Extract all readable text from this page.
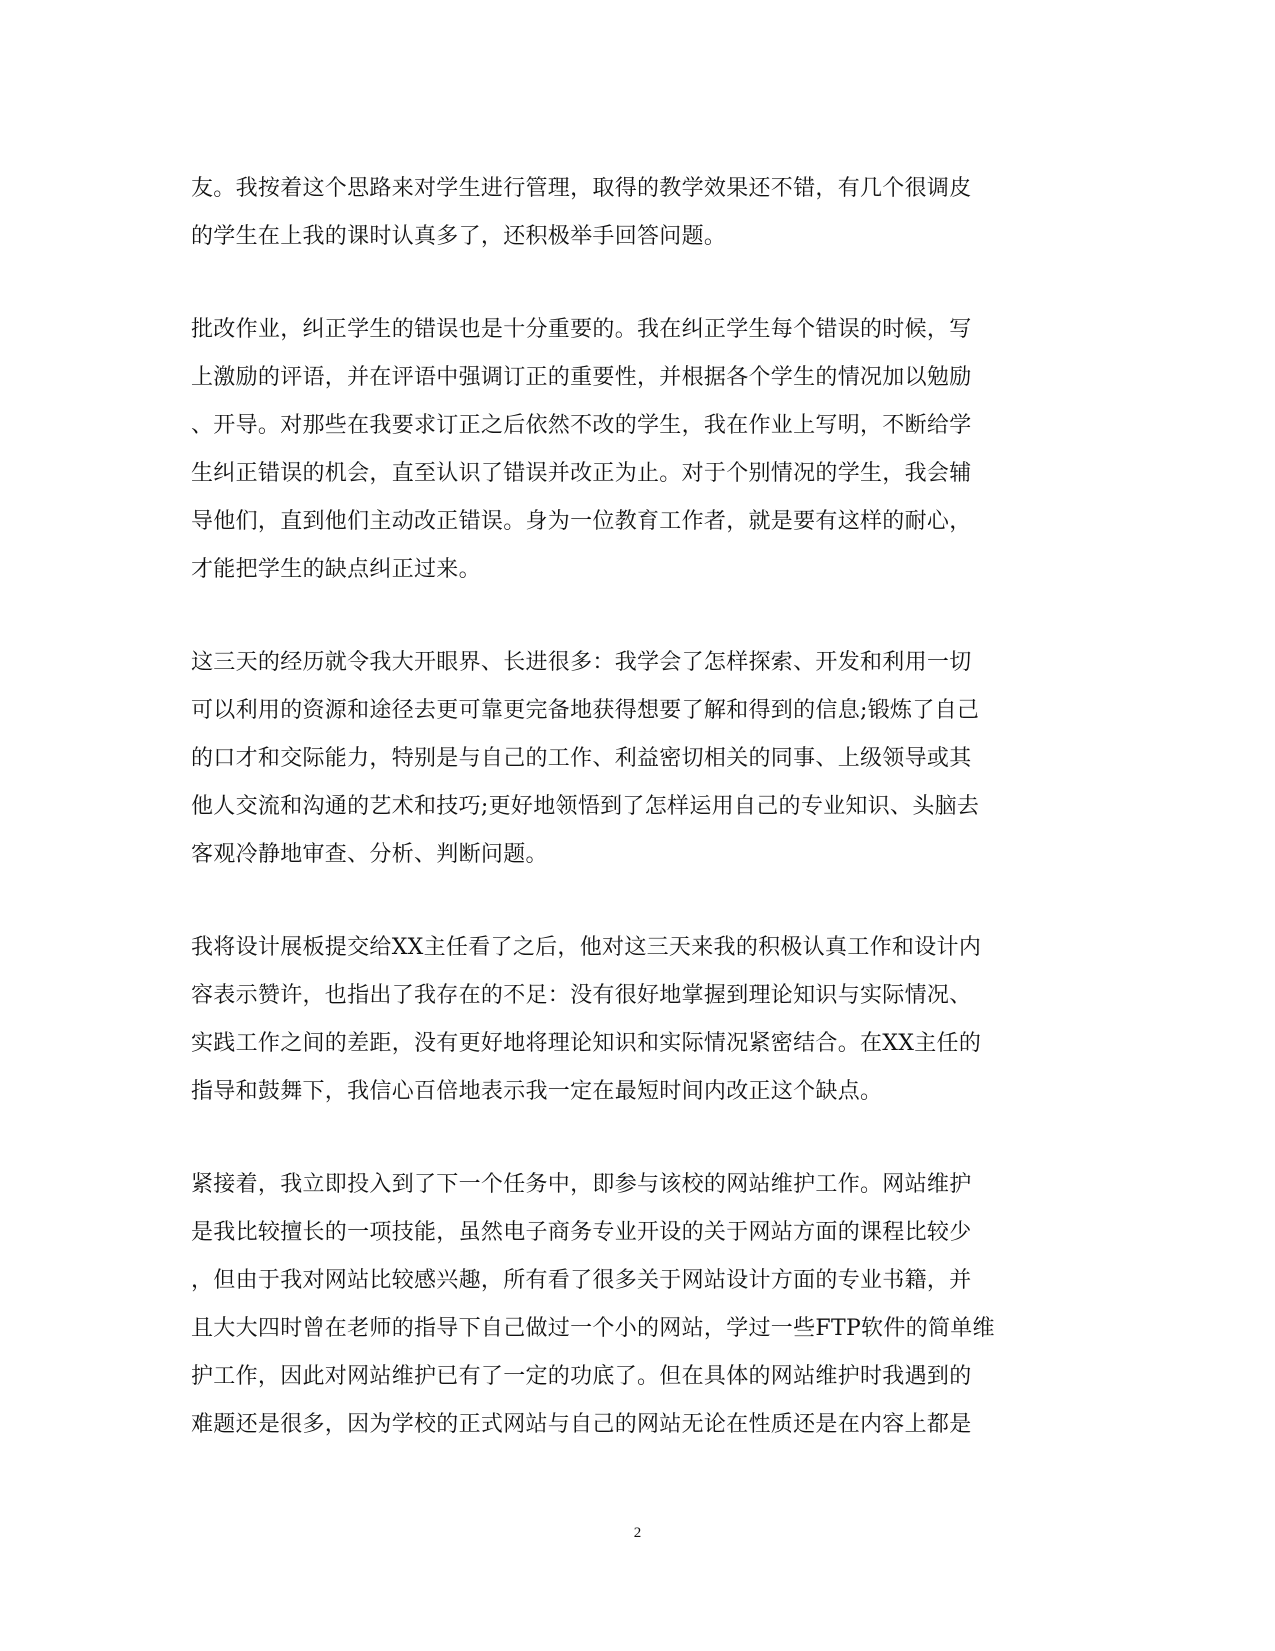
友。我按着这个思路来对学生进行管理，取得的教学效果还不错，有几个很调皮
的学生在上我的课时认真多了，还积极举手回答问题。

批改作业，纠正学生的错误也是十分重要的。我在纠正学生每个错误的时候，写
上激励的评语，并在评语中强调订正的重要性，并根据各个学生的情况加以勉励
、开导。对那些在我要求订正之后依然不改的学生，我在作业上写明，不断给学
生纠正错误的机会，直至认识了错误并改正为止。对于个别情况的学生，我会辅
导他们，直到他们主动改正错误。身为一位教育工作者，就是要有这样的耐心，
才能把学生的缺点纠正过来。

这三天的经历就令我大开眼界、长进很多：我学会了怎样探索、开发和利用一切
可以利用的资源和途径去更可靠更完备地获得想要了解和得到的信息;锻炼了自己
的口才和交际能力，特别是与自己的工作、利益密切相关的同事、上级领导或其
他人交流和沟通的艺术和技巧;更好地领悟到了怎样运用自己的专业知识、头脑去
客观冷静地审查、分析、判断问题。

我将设计展板提交给XX主任看了之后，他对这三天来我的积极认真工作和设计内
容表示赞许，也指出了我存在的不足：没有很好地掌握到理论知识与实际情况、
实践工作之间的差距，没有更好地将理论知识和实际情况紧密结合。在XX主任的
指导和鼓舞下，我信心百倍地表示我一定在最短时间内改正这个缺点。

紧接着，我立即投入到了下一个任务中，即参与该校的网站维护工作。网站维护
是我比较擅长的一项技能，虽然电子商务专业开设的关于网站方面的课程比较少
，但由于我对网站比较感兴趣，所有看了很多关于网站设计方面的专业书籍，并
且大大四时曾在老师的指导下自己做过一个小的网站，学过一些FTP软件的简单维
护工作，因此对网站维护已有了一定的功底了。但在具体的网站维护时我遇到的
难题还是很多，因为学校的正式网站与自己的网站无论在性质还是在内容上都是

2
